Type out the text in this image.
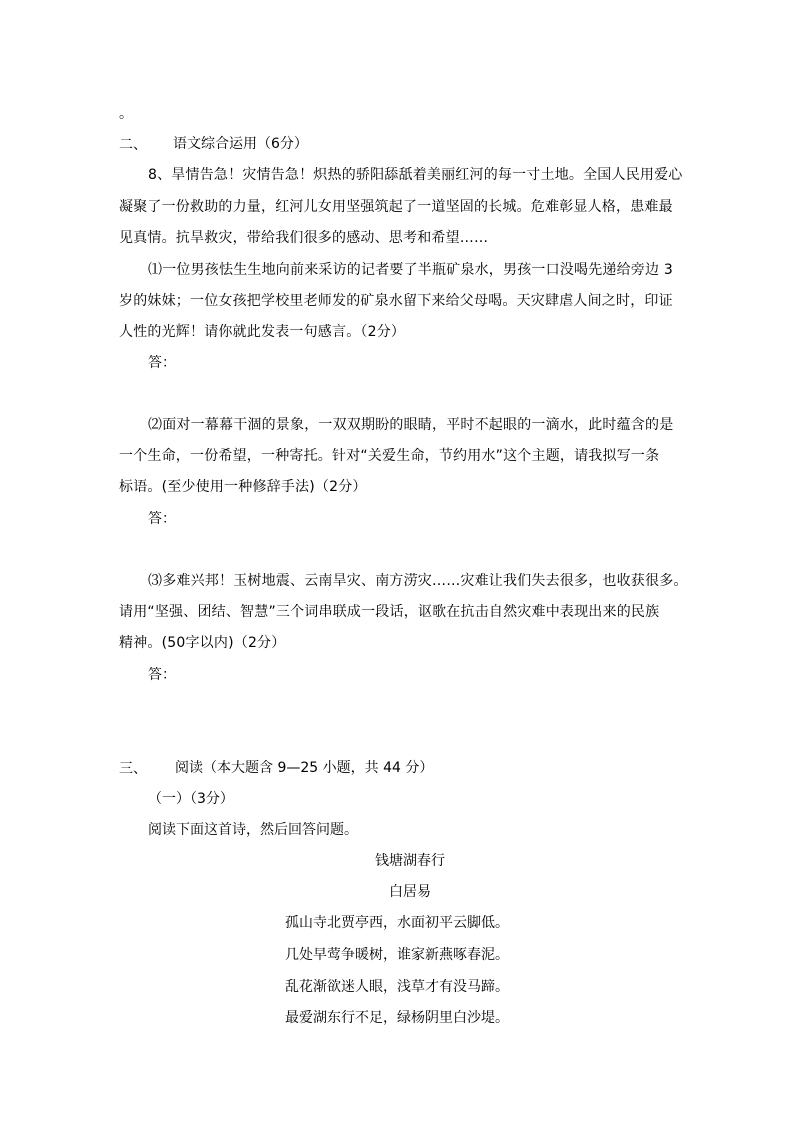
。
二、 语文综合运用（6分）
8、旱情告急！灾情告急！炽热的骄阳舔舐着美丽红河的每一寸土地。全国人民用爱心
凝聚了一份救助的力量，红河儿女用坚强筑起了一道坚固的长城。危难彰显人格，患难最
见真情。抗旱救灾，带给我们很多的感动、思考和希望……
⑴一位男孩怯生生地向前来采访的记者要了半瓶矿泉水，男孩一口没喝先递给旁边 3
岁的妹妹；一位女孩把学校里老师发的矿泉水留下来给父母喝。天灾肆虐人间之时，印证
人性的光辉！请你就此发表一句感言。（2分）
答：
⑵面对一幕幕干涸的景象，一双双期盼的眼睛，平时不起眼的一滴水，此时蕴含的是
一个生命，一份希望，一种寄托。针对“关爱生命，节约用水”这个主题，请我拟写一条
标语。(至少使用一种修辞手法)（2分）
答：
⑶多难兴邦！玉树地震、云南旱灾、南方涝灾……灾难让我们失去很多，也收获很多。
请用“坚强、团结、智慧”三个词串联成一段话，讴歌在抗击自然灾难中表现出来的民族
精神。(50字以内)（2分）
答：
三、 阅读（本大题含 9—25 小题，共 44 分）
（一）（3分）
阅读下面这首诗，然后回答问题。
钱塘湖春行
白居易
孤山寺北贾亭西，水面初平云脚低。
几处早莺争暖树，谁家新燕啄春泥。
乱花渐欲迷人眼，浅草才有没马蹄。
最爱湖东行不足，绿杨阴里白沙堤。
